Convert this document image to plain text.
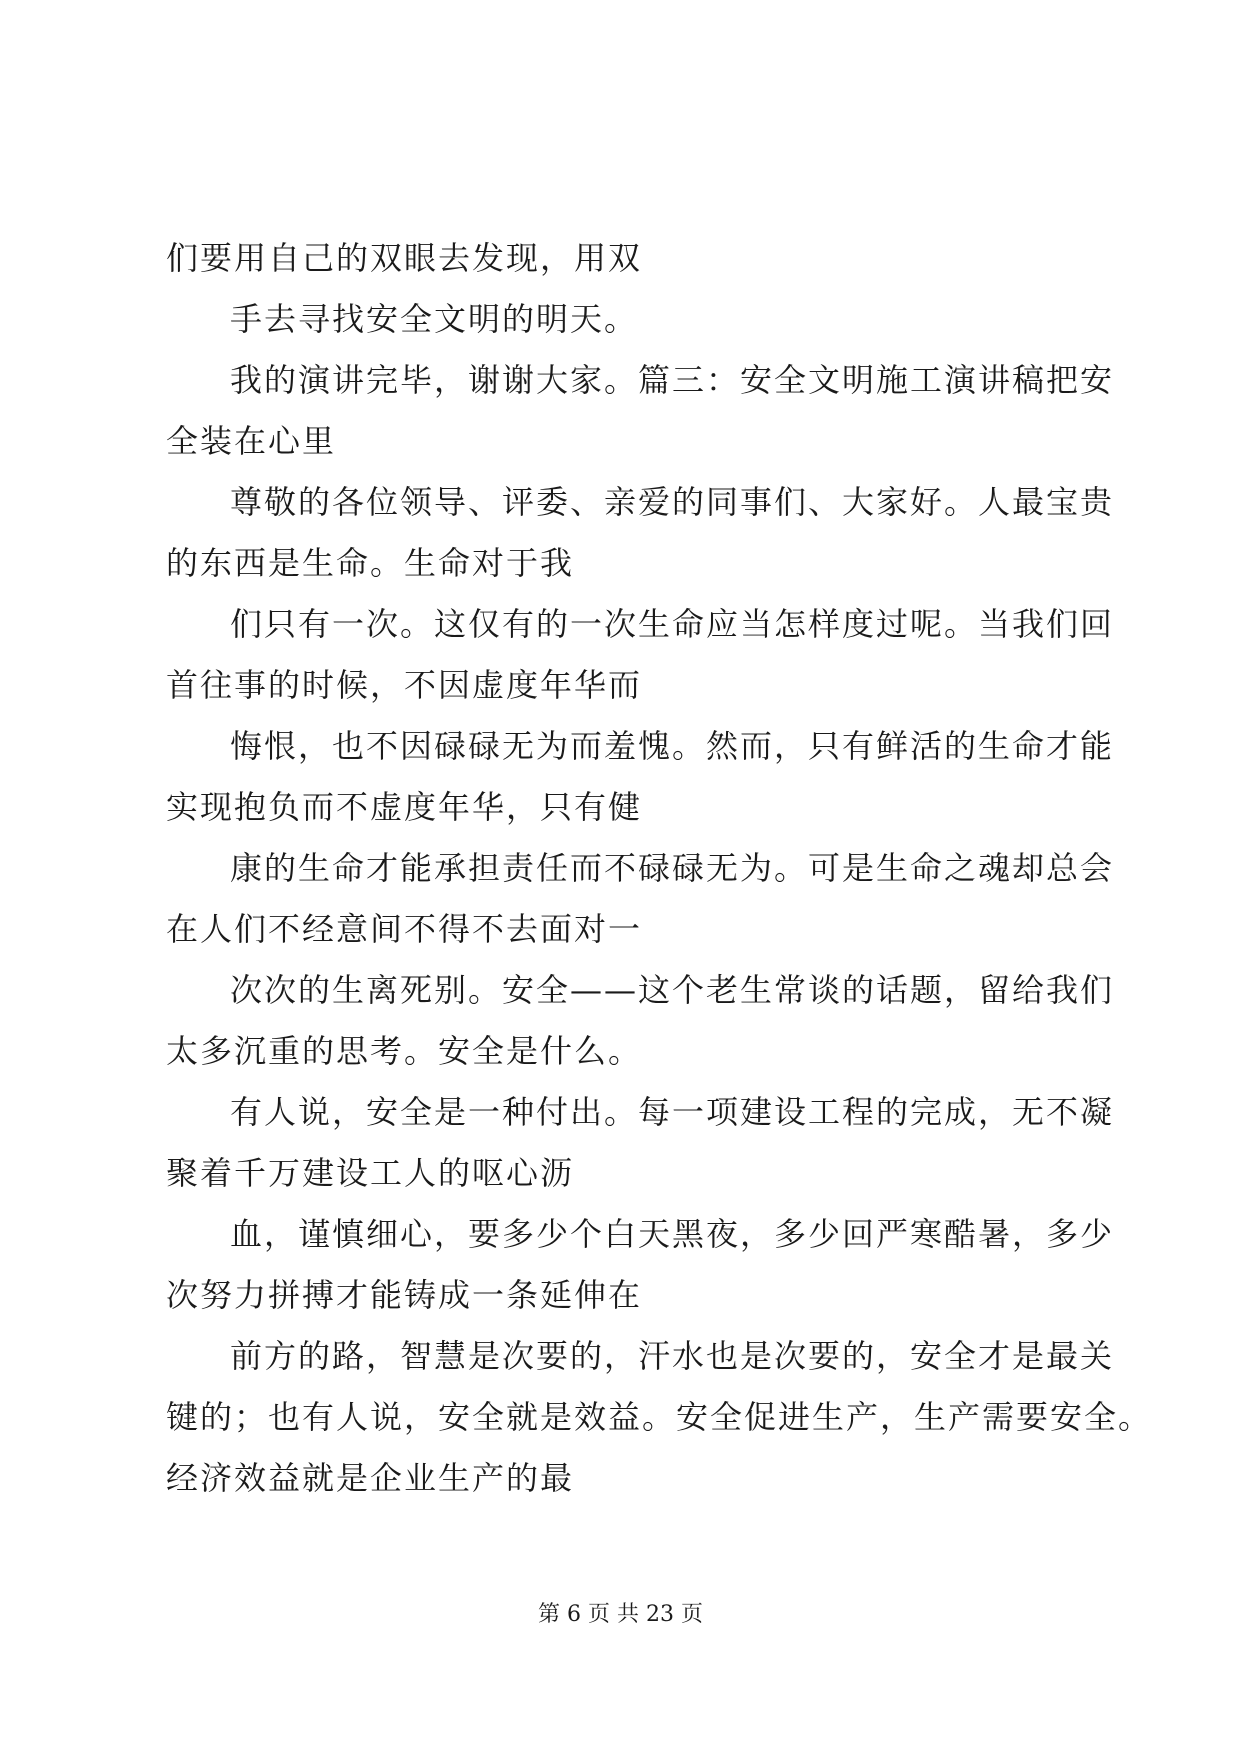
们要用自己的双眼去发现，用双
手去寻找安全文明的明天。
我的演讲完毕，谢谢大家。篇三：安全文明施工演讲稿把安
全装在心里
尊敬的各位领导、评委、亲爱的同事们、大家好。人最宝贵
的东西是生命。生命对于我
们只有一次。这仅有的一次生命应当怎样度过呢。当我们回
首往事的时候，不因虚度年华而
悔恨，也不因碌碌无为而羞愧。然而，只有鲜活的生命才能
实现抱负而不虚度年华，只有健
康的生命才能承担责任而不碌碌无为。可是生命之魂却总会
在人们不经意间不得不去面对一
次次的生离死别。安全——这个老生常谈的话题，留给我们
太多沉重的思考。安全是什么。
有人说，安全是一种付出。每一项建设工程的完成，无不凝
聚着千万建设工人的呕心沥
血，谨慎细心，要多少个白天黑夜，多少回严寒酷暑，多少
次努力拼搏才能铸成一条延伸在
前方的路，智慧是次要的，汗水也是次要的，安全才是最关
键的；也有人说，安全就是效益。安全促进生产，生产需要安全。
经济效益就是企业生产的最
第 6 页 共 23 页
